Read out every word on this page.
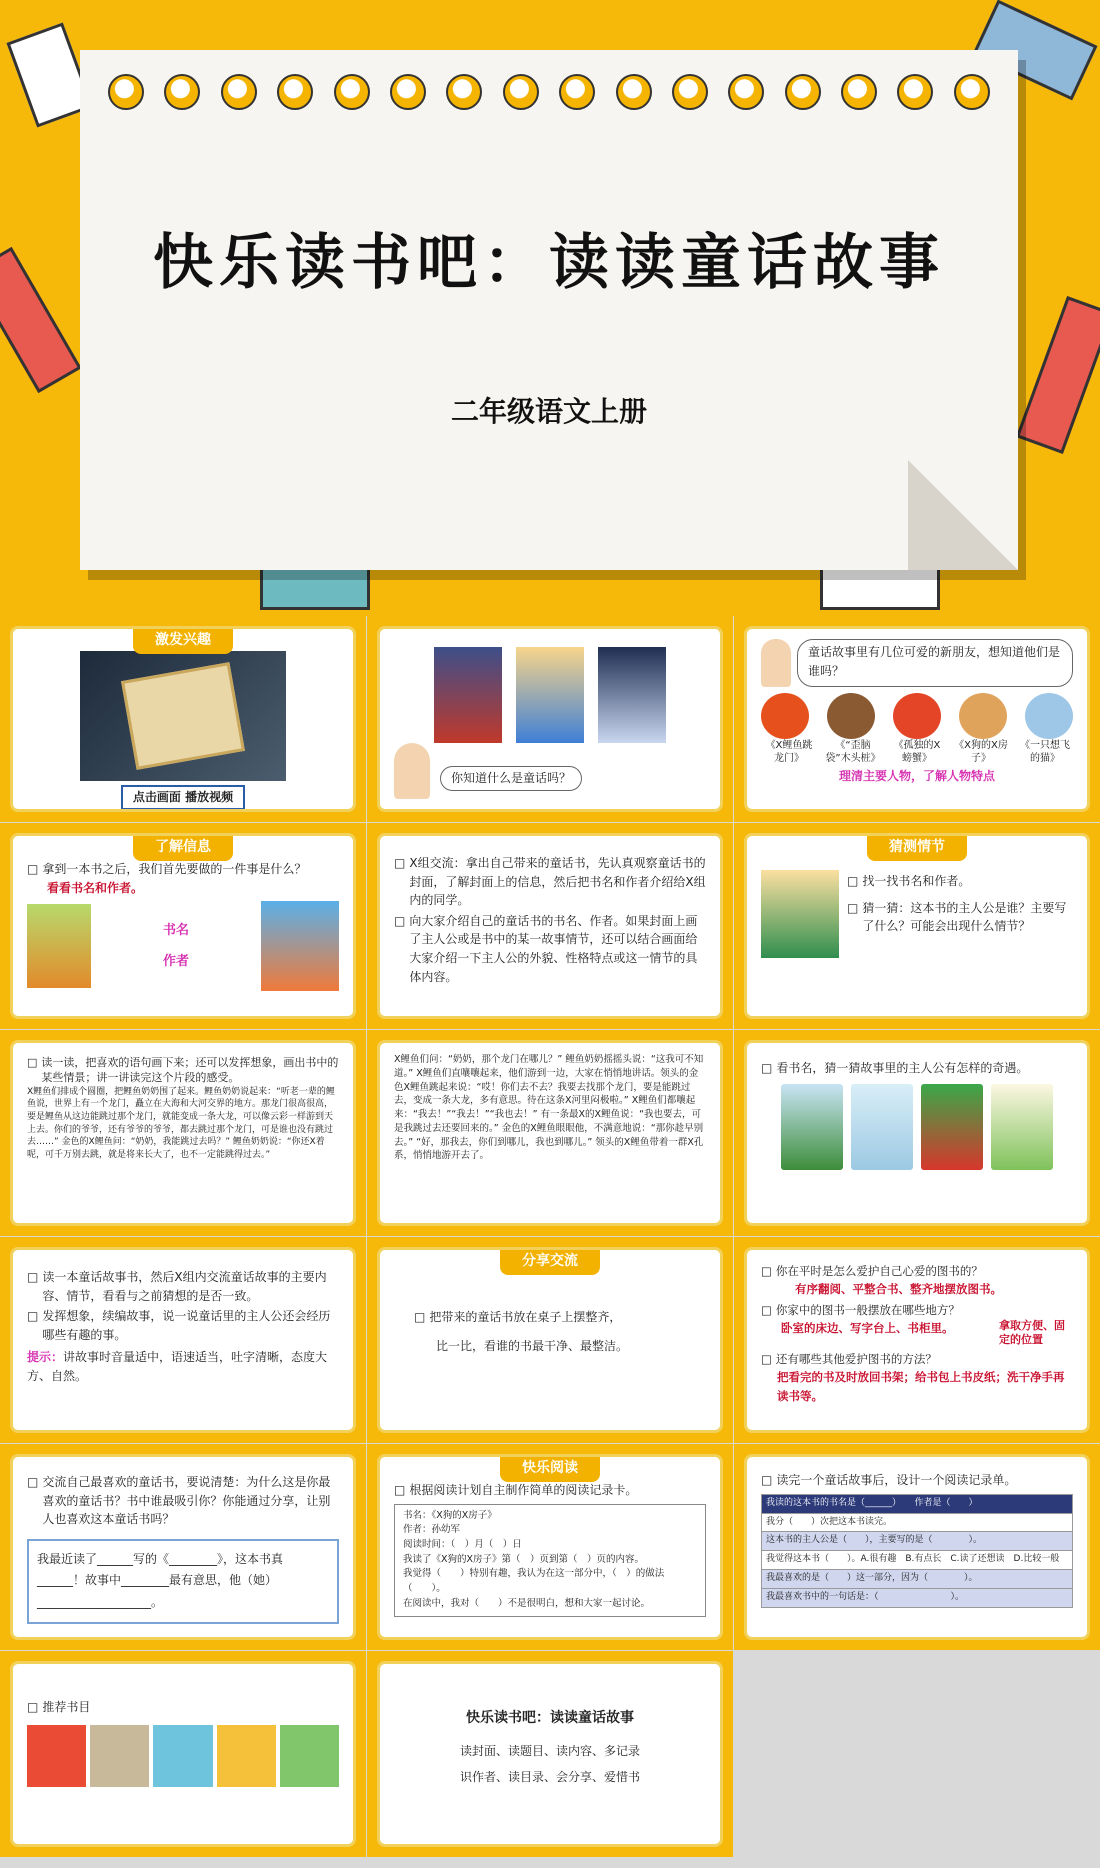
快乐读书吧：读读童话故事
二年级语文上册
激发兴趣
点击画面 播放视频
你知道什么是童话吗？
童话故事里有几位可爱的新朋友，想知道他们是谁吗？
《X鲤鱼跳龙门》
《“歪脑袋”木头桩》
《孤独的X螃蟹》
《X狗的X房子》
《一只想飞的猫》
理清主要人物，了解人物特点
了解信息
□ 拿到一本书之后，我们首先要做的一件事是什么？
看看书名和作者。
书名
作者
□ X组交流：拿出自己带来的童话书，先认真观察童话书的封面，了解封面上的信息，然后把书名和作者介绍给X组内的同学。
□ 向大家介绍自己的童话书的书名、作者。如果封面上画了主人公或是书中的某一故事情节，还可以结合画面给大家介绍一下主人公的外貌、性格特点或这一情节的具体内容。
猜测情节
□ 找一找书名和作者。
□ 猜一猜：这本书的主人公是谁？主要写了什么？可能会出现什么情节？
□ 读一读，把喜欢的语句画下来；还可以发挥想象，画出书中的某些情景；讲一讲读完这个片段的感受。
X鲤鱼们排成个圆圈，把鲤鱼奶奶围了起来。鲤鱼奶奶说起来：“听老一辈的鲤鱼说，世界上有一个龙门，矗立在大海和大河交界的地方。那龙门很高很高，要是鲤鱼从这边能跳过那个龙门，就能变成一条大龙，可以像云彩一样游到天上去。你们的爷爷，还有爷爷的爷爷，都去跳过那个龙门，可是谁也没有跳过去……” 金色的X鲤鱼问：“奶奶，我能跳过去吗？” 鲤鱼奶奶说：“你还X着呢，可千万别去跳，就是将来长大了，也不一定能跳得过去。”
X鲤鱼们问：“奶奶，那个龙门在哪儿？” 鲤鱼奶奶摇摇头说：“这我可不知道。” X鲤鱼们直嚷嚷起来，他们游到一边，大家在悄悄地讲话。领头的金色X鲤鱼跳起来说：“哎！你们去不去？我要去找那个龙门，要是能跳过去，变成一条大龙，多有意思。待在这条X河里闷极啦。” X鲤鱼们都嚷起来：“我去！”“我去！”“我也去！” 有一条最X的X鲤鱼说：“我也要去，可是我跳过去还要回来的。” 金色的X鲤鱼眼眼他，不满意地说：“那你趁早别去。” “好，那我去，你们到哪儿，我也到哪儿。” 领头的X鲤鱼带着一群X孔系，悄悄地游开去了。
□ 看书名，猜一猜故事里的主人公有怎样的奇遇。
□ 读一本童话故事书，然后X组内交流童话故事的主要内容、情节，看看与之前猜想的是否一致。
□ 发挥想象，续编故事，说一说童话里的主人公还会经历哪些有趣的事。
提示：讲故事时音量适中，语速适当，吐字清晰，态度大方、自然。
分享交流
□ 把带来的童话书放在桌子上摆整齐，
比一比，看谁的书最干净、最整洁。
□ 你在平时是怎么爱护自己心爱的图书的？
有序翻阅、平整合书、整齐地摆放图书。
□ 你家中的图书一般摆放在哪些地方？
卧室的床边、写字台上、书柜里。	拿取方便、固定的位置
□ 还有哪些其他爱护图书的方法？
把看完的书及时放回书架；给书包上书皮纸；洗干净手再读书等。
□ 交流自己最喜欢的童话书，要说清楚：为什么这是你最喜欢的童话书？书中谁最吸引你？你能通过分享，让别人也喜欢这本童话书吗？
我最近读了______写的《________》，这本书真______！故事中________最有意思，他（她）___________________。
快乐阅读
□ 根据阅读计划自主制作简单的阅读记录卡。
书名：《X狗的X房子》
作者：孙幼军
阅读时间：（　）月（　）日
我读了《X狗的X房子》第（　）页到第（　）页的内容。
我觉得（　　）特别有趣，我认为在这一部分中，（　）的做法（　　）。
在阅读中，我对（　　）不是很明白，想和大家一起讨论。
□ 读完一个童话故事后，设计一个阅读记录单。
我读的这本书的书名是（______）　　作者是（　　）
我分（　　）次把这本书读完。
这本书的主人公是（　　），主要写的是（　　　　）。
我觉得这本书（　　）。A.很有趣　B.有点长　C.读了还想读　D.比较一般
我最喜欢的是（　　）这一部分，因为（　　　　）。
我最喜欢书中的一句话是：（　　　　　　　　）。
□ 推荐书目
快乐读书吧：读读童话故事
读封面、读题目、读内容、多记录
识作者、读目录、会分享、爱惜书
